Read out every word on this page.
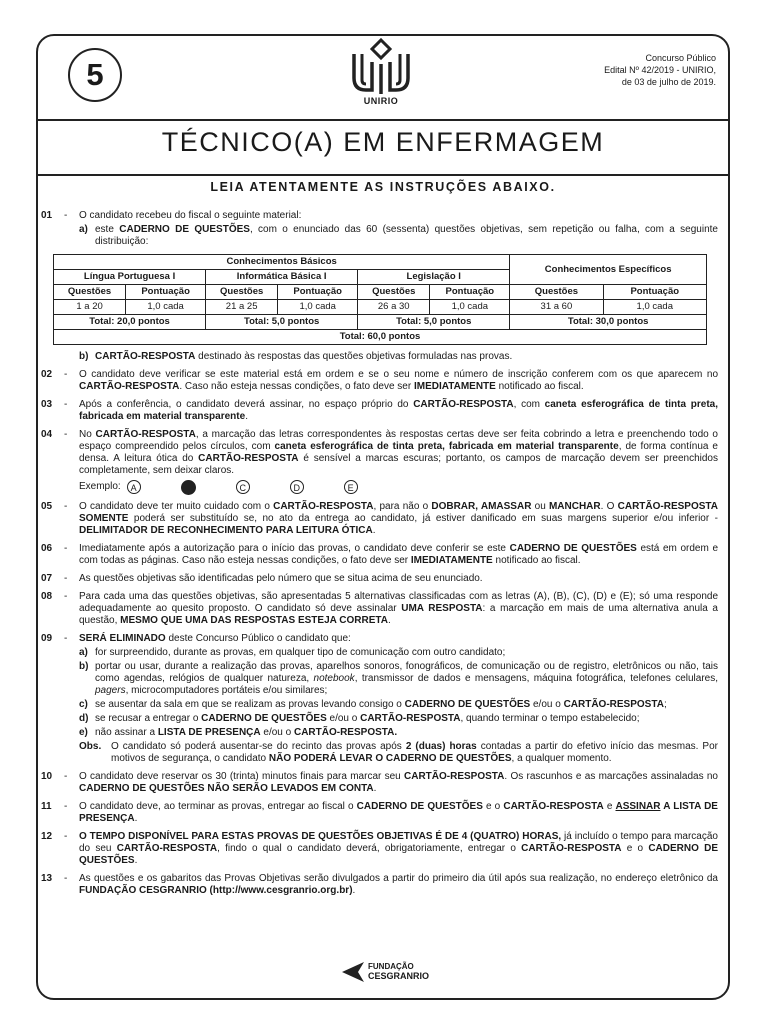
5
UNIRIO
Concurso Público
Edital Nº 42/2019 - UNIRIO,
de 03 de julho de 2019.
TÉCNICO(A) EM ENFERMAGEM
LEIA ATENTAMENTE AS INSTRUÇÕES ABAIXO.
01 - O candidato recebeu do fiscal o seguinte material:
a) este CADERNO DE QUESTÕES, com o enunciado das 60 (sessenta) questões objetivas, sem repetição ou falha, com a seguinte distribuição:
Conhecimentos Básicos						Conhecimentos Específicos	
Língua Portuguesa I		Informática Básica I		Legislação I			
Questões	Pontuação	Questões	Pontuação	Questões	Pontuação	Questões	Pontuação
1 a 20	1,0 cada	21 a 25	1,0 cada	26 a 30	1,0 cada	31 a 60	1,0 cada
Total: 20,0 pontos		Total: 5,0 pontos		Total: 5,0 pontos		Total: 30,0 pontos	
Total: 60,0 pontos							
b) CARTÃO-RESPOSTA destinado às respostas das questões objetivas formuladas nas provas.
02 - O candidato deve verificar se este material está em ordem e se o seu nome e número de inscrição conferem com os que aparecem no CARTÃO-RESPOSTA. Caso não esteja nessas condições, o fato deve ser IMEDIATAMENTE notificado ao fiscal.
03 - Após a conferência, o candidato deverá assinar, no espaço próprio do CARTÃO-RESPOSTA, com caneta esferográfica de tinta preta, fabricada em material transparente.
04 - No CARTÃO-RESPOSTA, a marcação das letras correspondentes às respostas certas deve ser feita cobrindo a letra e preenchendo todo o espaço compreendido pelos círculos, com caneta esferográfica de tinta preta, fabricada em material transparente, de forma contínua e densa. A leitura ótica do CARTÃO-RESPOSTA é sensível a marcas escuras; portanto, os campos de marcação devem ser preenchidos completamente, sem deixar claros.
Exemplo:	A	C	D	E
05 - O candidato deve ter muito cuidado com o CARTÃO-RESPOSTA, para não o DOBRAR, AMASSAR ou MANCHAR. O CARTÃO-RESPOSTA SOMENTE poderá ser substituído se, no ato da entrega ao candidato, já estiver danificado em suas margens superior e/ou inferior - DELIMITADOR DE RECONHECIMENTO PARA LEITURA ÓTICA.
06 - Imediatamente após a autorização para o início das provas, o candidato deve conferir se este CADERNO DE QUESTÕES está em ordem e com todas as páginas. Caso não esteja nessas condições, o fato deve ser IMEDIATAMENTE notificado ao fiscal.
07 - As questões objetivas são identificadas pelo número que se situa acima de seu enunciado.
08 - Para cada uma das questões objetivas, são apresentadas 5 alternativas classificadas com as letras (A), (B), (C), (D) e (E); só uma responde adequadamente ao quesito proposto. O candidato só deve assinalar UMA RESPOSTA: a marcação em mais de uma alternativa anula a questão, MESMO QUE UMA DAS RESPOSTAS ESTEJA CORRETA.
09 - SERÁ ELIMINADO deste Concurso Público o candidato que:
a) for surpreendido, durante as provas, em qualquer tipo de comunicação com outro candidato;
b) portar ou usar, durante a realização das provas, aparelhos sonoros, fonográficos, de comunicação ou de registro, eletrônicos ou não, tais como agendas, relógios de qualquer natureza, notebook, transmissor de dados e mensagens, máquina fotográfica, telefones celulares, pagers, microcomputadores portáteis e/ou similares;
c) se ausentar da sala em que se realizam as provas levando consigo o CADERNO DE QUESTÕES e/ou o CARTÃO-RESPOSTA;
d) se recusar a entregar o CADERNO DE QUESTÕES e/ou o CARTÃO-RESPOSTA, quando terminar o tempo estabelecido;
e) não assinar a LISTA DE PRESENÇA e/ou o CARTÃO-RESPOSTA.
Obs. O candidato só poderá ausentar-se do recinto das provas após 2 (duas) horas contadas a partir do efetivo início das mesmas. Por motivos de segurança, o candidato NÃO PODERÁ LEVAR O CADERNO DE QUESTÕES, a qualquer momento.
10 - O candidato deve reservar os 30 (trinta) minutos finais para marcar seu CARTÃO-RESPOSTA. Os rascunhos e as marcações assinaladas no CADERNO DE QUESTÕES NÃO SERÃO LEVADOS EM CONTA.
11 - O candidato deve, ao terminar as provas, entregar ao fiscal o CADERNO DE QUESTÕES e o CARTÃO-RESPOSTA e ASSINAR A LISTA DE PRESENÇA.
12 - O TEMPO DISPONÍVEL PARA ESTAS PROVAS DE QUESTÕES OBJETIVAS É DE 4 (QUATRO) HORAS, já incluído o tempo para marcação do seu CARTÃO-RESPOSTA, findo o qual o candidato deverá, obrigatoriamente, entregar o CARTÃO-RESPOSTA e o CADERNO DE QUESTÕES.
13 - As questões e os gabaritos das Provas Objetivas serão divulgados a partir do primeiro dia útil após sua realização, no endereço eletrônico da FUNDAÇÃO CESGRANRIO (http://www.cesgranrio.org.br).
FUNDAÇÃO
CESGRANRIO
